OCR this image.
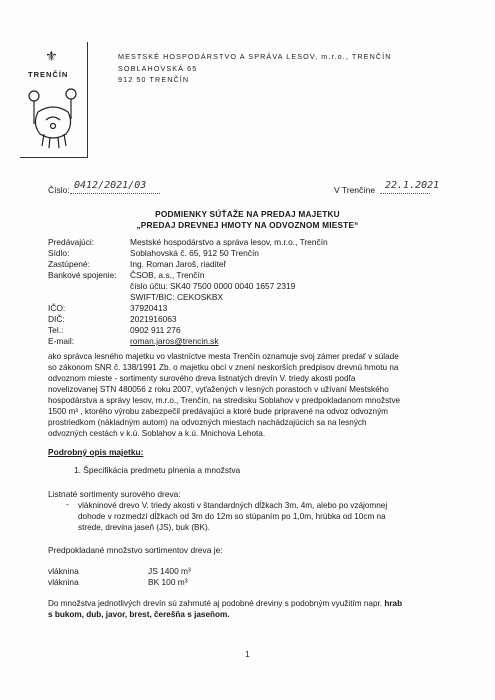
⚜
TRENČÍN
MESTSKÉ HOSPODÁRSTVO A SPRÁVA LESOV, m.r.o., TRENČÍN
SOBLAHOVSKÁ 65
912 50 TRENČÍN
Číslo: 0412/2021/03	V Trenčíne 22.1.2021
PODMIENKY SÚŤAŽE NA PREDAJ MAJETKU
„PREDAJ DREVNEJ HMOTY NA ODVOZNOM MIESTE“
Predávajúci:	Mestské hospodárstvo a správa lesov, m.r.o., Trenčín
Sídlo:	Soblahovská č. 65, 912 50 Trenčín
Zastúpené:	Ing. Roman Jaroš, riaditeľ
Bankové spojenie:	ČSOB, a.s., Trenčín
číslo účtu: SK40 7500 0000 0040 1657 2319
SWIFT/BIC: CEKOSKBX
IČO:	37920413
DIČ:	2021916063
Tel.:	0902 911 276
E-mail:	roman.jaros@trencin.sk
ako správca lesného majetku vo vlastníctve mesta Trenčín oznamuje svoj zámer predať v súlade
so zákonom SNR č. 138/1991 Zb. o majetku obcí v znení neskorších predpisov drevnú hmotu na
odvoznom mieste - sortimenty surového dreva listnatých drevín V. triedy akosti podľa
novelizovanej STN 480056 z roku 2007, vyťažených v lesných porastoch v užívaní Mestského
hospodárstva a správy lesov, m.r.o., Trenčín, na stredisku Soblahov v predpokladanom množstve
1500 m³ , ktorého výrobu zabezpečil predávajúci a ktoré bude pripravené na odvoz odvozným
prostriedkom (nákladným autom) na odvozných miestach nachádzajúcich sa na lesných
odvozných cestách v k.ú. Soblahov a k.ú. Mnichova Lehota.
Podrobný opis majetku:
1. Špecifikácia predmetu plnenia a množstva
Listnaté sortimenty surového dreva:
- vlákninové drevo V. triedy akosti v štandardných dĺžkach 3m, 4m, alebo po vzájomnej
dohode v rozmedzí dĺžkach od 3m do 12m so stúpaním po 1,0m, hrúbka od 10cm na
strede, drevina jaseň (JS), buk (BK).
Predpokladané množstvo sortimentov dreva je:
vláknina	JS 1400 m³
vláknina	BK 100 m³
Do množstva jednotlivých drevín sú zahrnuté aj podobné dreviny s podobným využitím napr. hrab
s bukom, dub, javor, brest, čerešňa s jaseňom.
1
